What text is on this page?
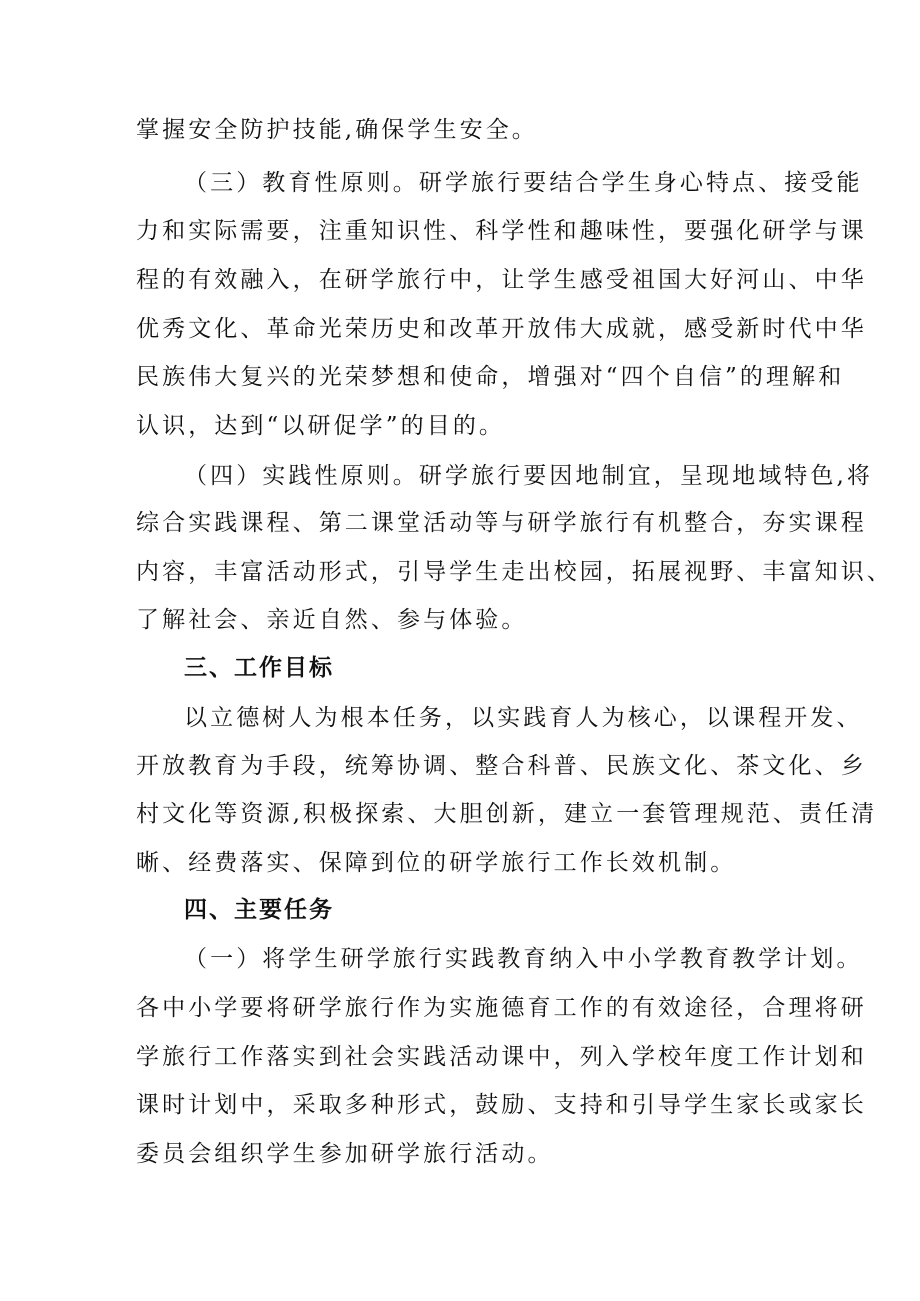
掌握安全防护技能,确保学生安全。
（三）教育性原则。研学旅行要结合学生身心特点、接受能
力和实际需要，注重知识性、科学性和趣味性，要强化研学与课
程的有效融入，在研学旅行中，让学生感受祖国大好河山、中华
优秀文化、革命光荣历史和改革开放伟大成就，感受新时代中华
民族伟大复兴的光荣梦想和使命，增强对“四个自信”的理解和
认识，达到“以研促学”的目的。
（四）实践性原则。研学旅行要因地制宜，呈现地域特色,将
综合实践课程、第二课堂活动等与研学旅行有机整合，夯实课程
内容，丰富活动形式，引导学生走出校园，拓展视野、丰富知识、
了解社会、亲近自然、参与体验。
三、工作目标
以立德树人为根本任务，以实践育人为核心，以课程开发、
开放教育为手段，统筹协调、整合科普、民族文化、茶文化、乡
村文化等资源,积极探索、大胆创新，建立一套管理规范、责任清
晰、经费落实、保障到位的研学旅行工作长效机制。
四、主要任务
（一）将学生研学旅行实践教育纳入中小学教育教学计划。
各中小学要将研学旅行作为实施德育工作的有效途径，合理将研
学旅行工作落实到社会实践活动课中，列入学校年度工作计划和
课时计划中，采取多种形式，鼓励、支持和引导学生家长或家长
委员会组织学生参加研学旅行活动。
